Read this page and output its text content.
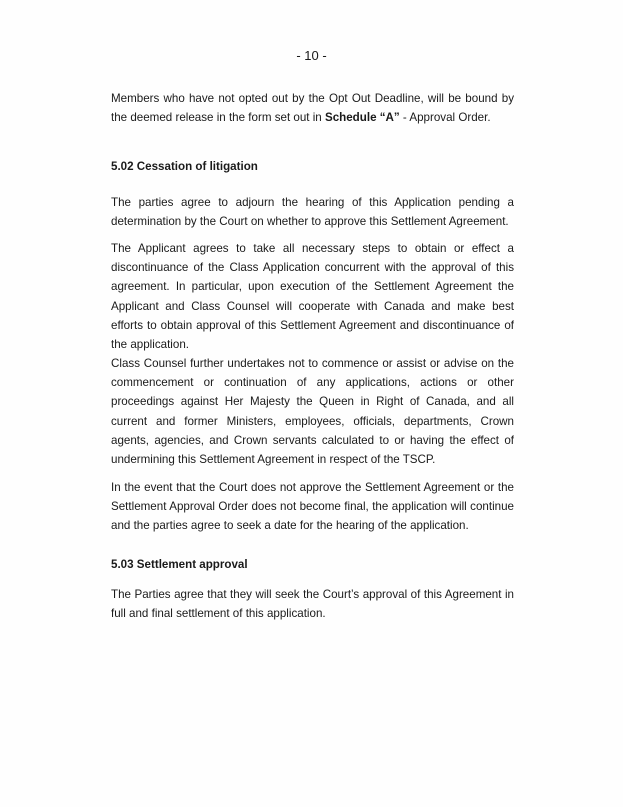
- 10 -
Members who have not opted out by the Opt Out Deadline, will be bound by the deemed release in the form set out in Schedule “A” - Approval Order.
5.02 Cessation of litigation
The parties agree to adjourn the hearing of this Application pending a determination by the Court on whether to approve this Settlement Agreement.
The Applicant agrees to take all necessary steps to obtain or effect a discontinuance of the Class Application concurrent with the approval of this agreement. In particular, upon execution of the Settlement Agreement the Applicant and Class Counsel will cooperate with Canada and make best efforts to obtain approval of this Settlement Agreement and discontinuance of the application.
Class Counsel further undertakes not to commence or assist or advise on the commencement or continuation of any applications, actions or other proceedings against Her Majesty the Queen in Right of Canada, and all current and former Ministers, employees, officials, departments, Crown agents, agencies, and Crown servants calculated to or having the effect of undermining this Settlement Agreement in respect of the TSCP.
In the event that the Court does not approve the Settlement Agreement or the Settlement Approval Order does not become final, the application will continue and the parties agree to seek a date for the hearing of the application.
5.03 Settlement approval
The Parties agree that they will seek the Court’s approval of this Agreement in full and final settlement of this application.
